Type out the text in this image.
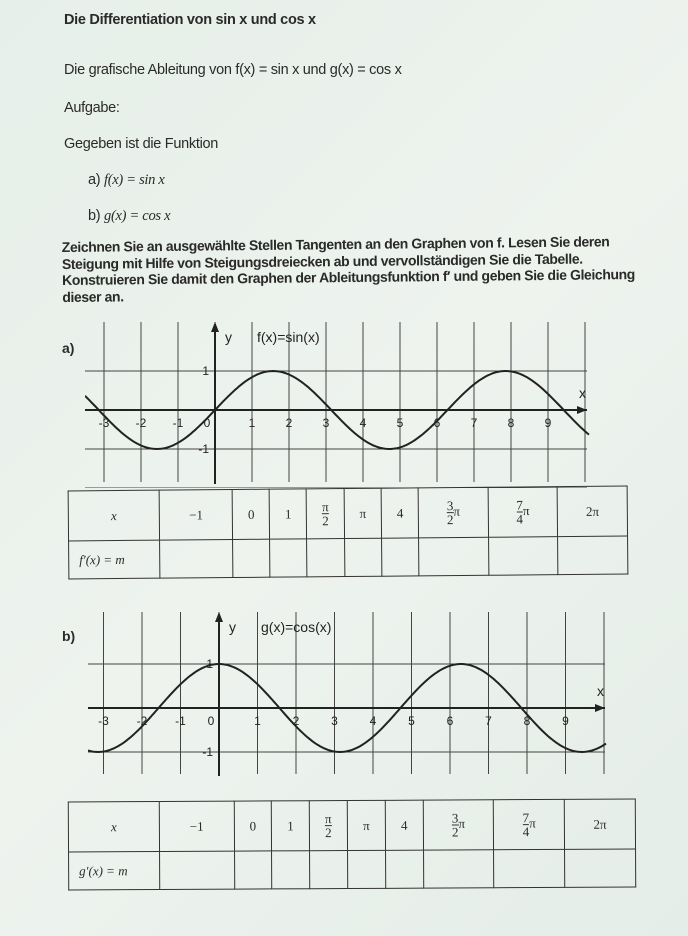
Die Differentiation von sin x und cos x
Die grafische Ableitung von f(x) = sin x und g(x) = cos x
Aufgabe:
Gegeben ist die Funktion
a) f(x) = sin x
b) g(x) = cos x
Zeichnen Sie an ausgewählte Stellen Tangenten an den Graphen von f. Lesen Sie deren Steigung mit Hilfe von Steigungsdreiecken ab und vervollständigen Sie die Tabelle. Konstruieren Sie damit den Graphen der Ableitungsfunktion f′ und geben Sie die Gleichung dieser an.
a)
-3 -2 -1 0	1	2	3	4	5	6	7	8	9
1
-1
x
y f(x)=sin(x)
b)
-3 -2 -1 0	1	2	3	4	5	6	7	8	9
1
-1
x
y g(x)=cos(x)
x	−1	0	1	$\frac{\pi}{2}$	π	4	$\frac{3}{2}$ π	$\frac{7}{4}$ π	2π
f′(x) = m									
x	−1	0	1	$\frac{\pi}{2}$	π	4	$\frac{3}{2}$ π	$\frac{7}{4}$ π	2π
g′(x) = m									
